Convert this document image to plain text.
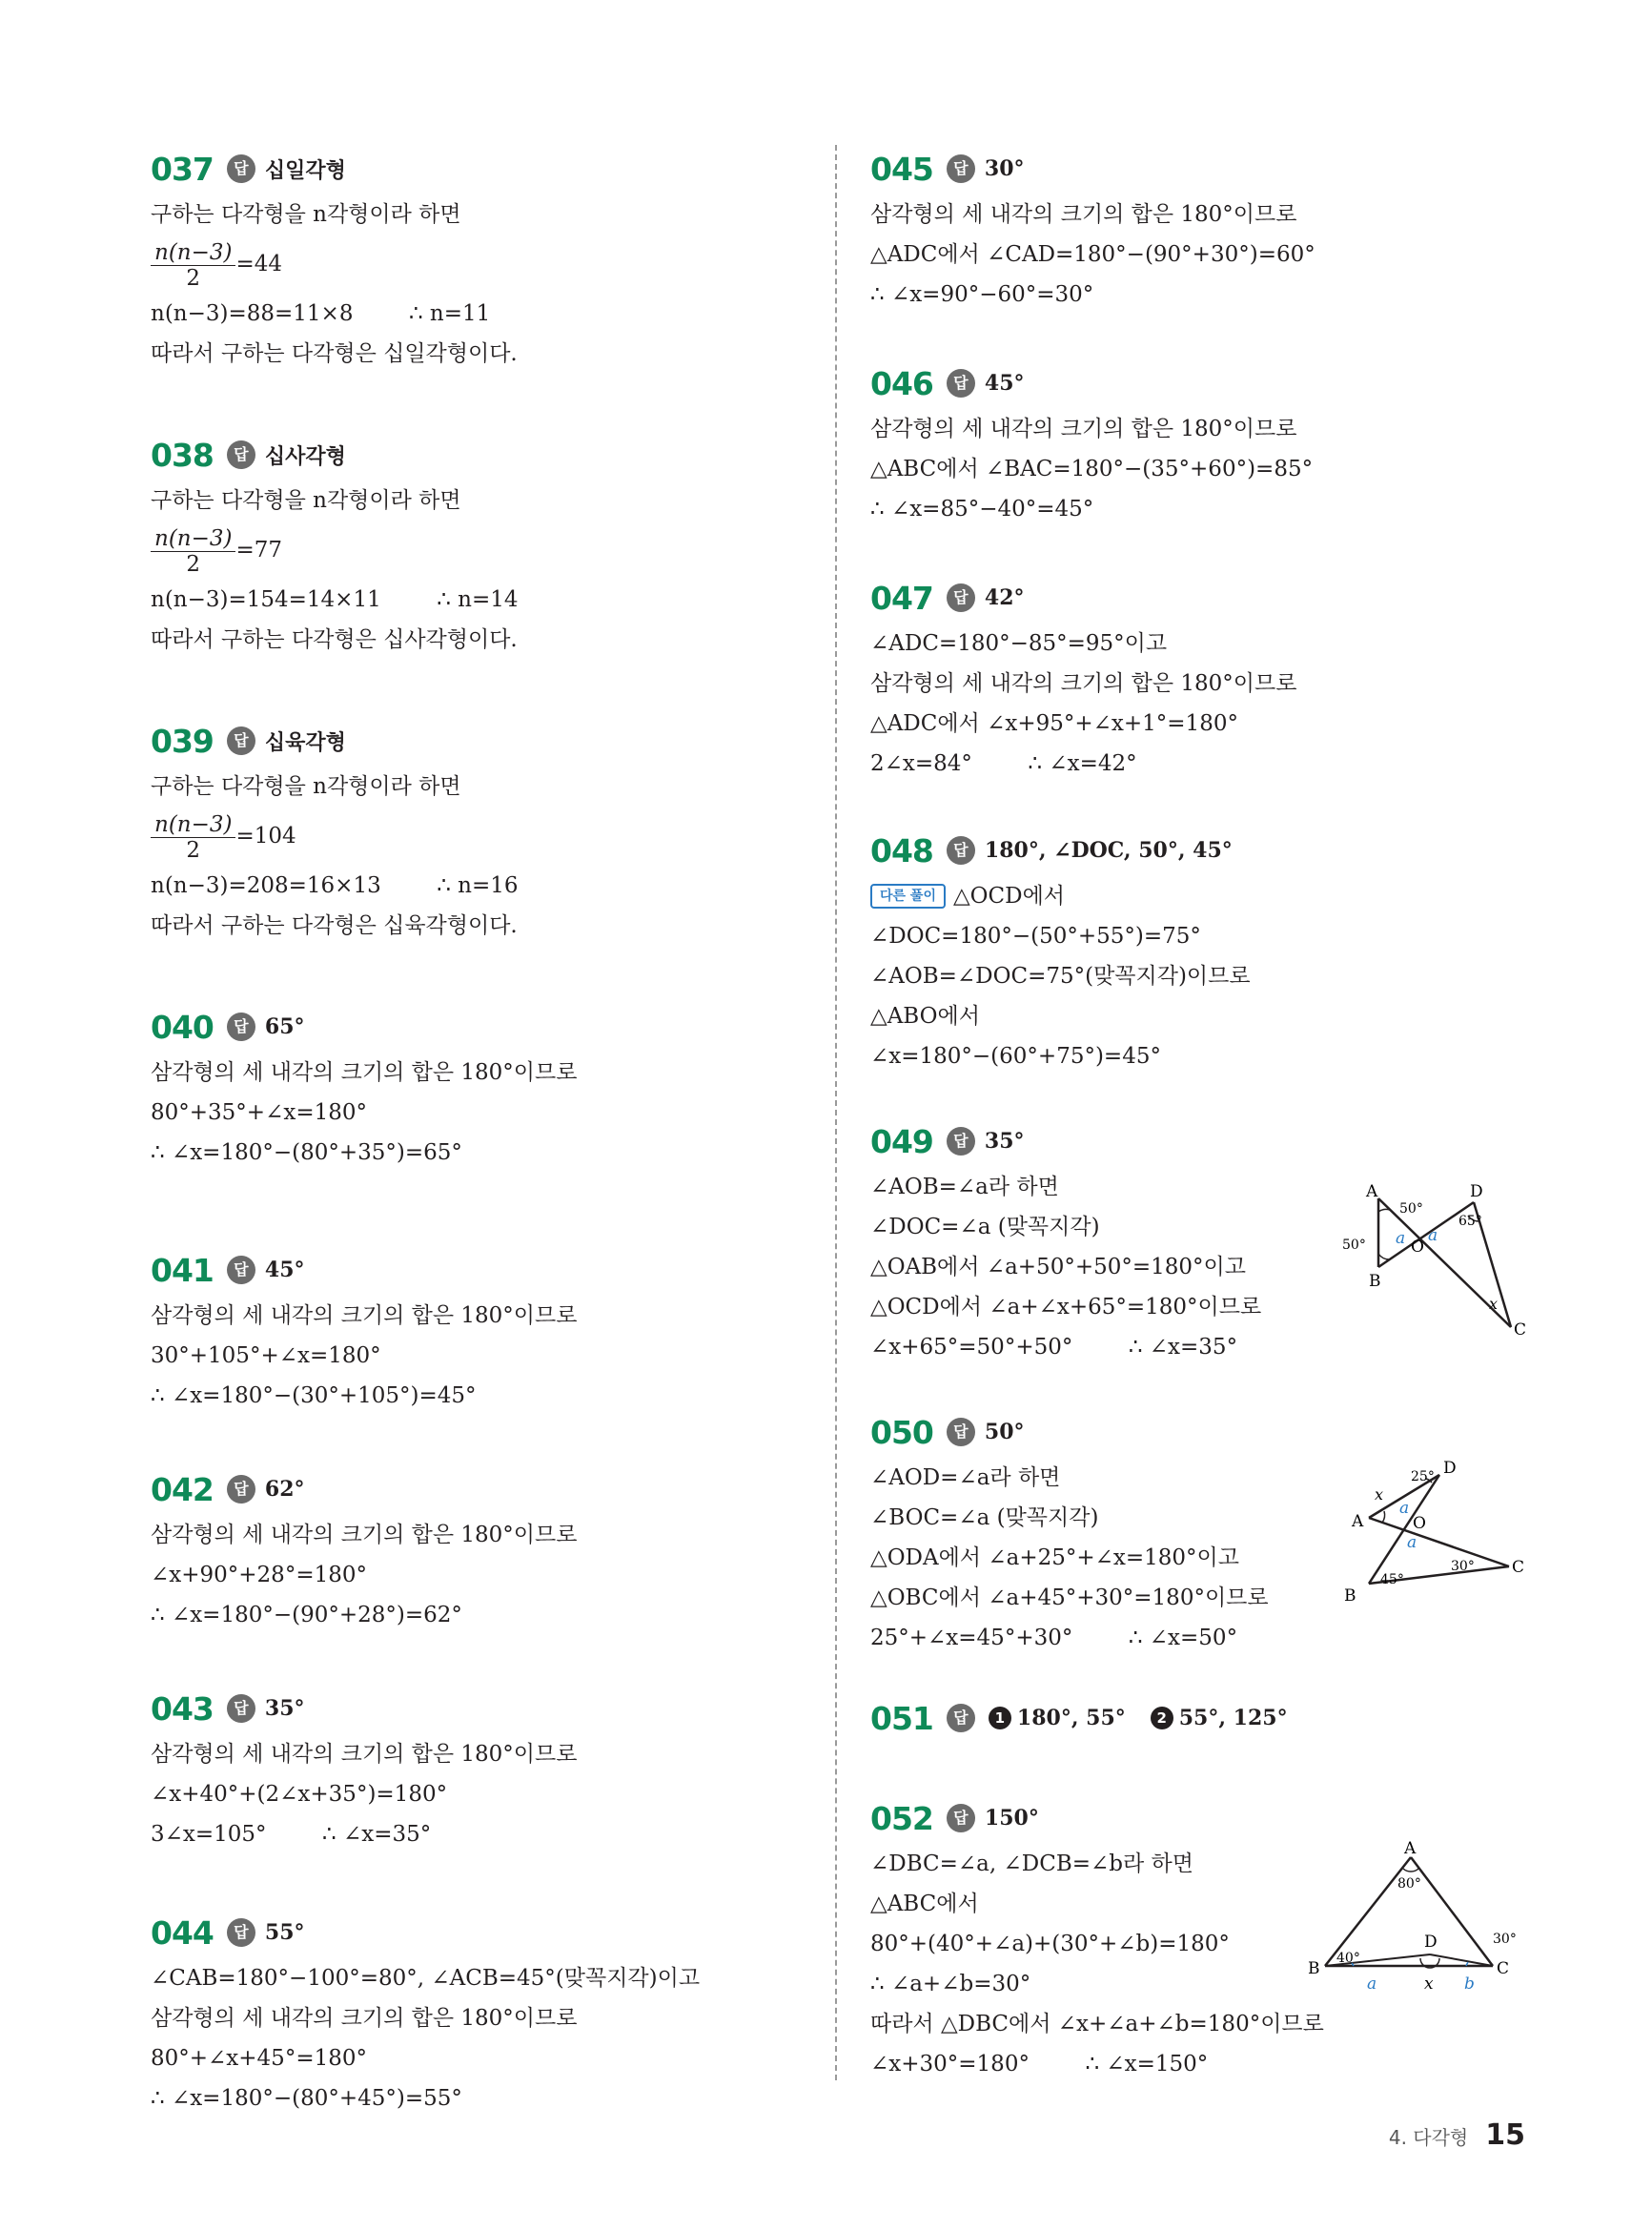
037	답 십일각형
구하는 다각형을 n각형이라 하면
$\frac{n(n-3)}{2} =44$
n(n−3)=88=11×8        ∴ n=11
따라서 구하는 다각형은 십일각형이다.
038	답 십사각형
구하는 다각형을 n각형이라 하면
$\frac{n(n-3)}{2} =77$
n(n−3)=154=14×11        ∴ n=14
따라서 구하는 다각형은 십사각형이다.
039	답 십육각형
구하는 다각형을 n각형이라 하면
$\frac{n(n-3)}{2} =104$
n(n−3)=208=16×13        ∴ n=16
따라서 구하는 다각형은 십육각형이다.
040	답 65°
삼각형의 세 내각의 크기의 합은 180°이므로
80°+35°+∠x=180°
∴ ∠x=180°−(80°+35°)=65°
041	답 45°
삼각형의 세 내각의 크기의 합은 180°이므로
30°+105°+∠x=180°
∴ ∠x=180°−(30°+105°)=45°
042	답 62°
삼각형의 세 내각의 크기의 합은 180°이므로
∠x+90°+28°=180°
∴ ∠x=180°−(90°+28°)=62°
043	답 35°
삼각형의 세 내각의 크기의 합은 180°이므로
∠x+40°+(2∠x+35°)=180°
3∠x=105°        ∴ ∠x=35°
044	답 55°
∠CAB=180°−100°=80°, ∠ACB=45°(맞꼭지각)이고
삼각형의 세 내각의 크기의 합은 180°이므로
80°+∠x+45°=180°
∴ ∠x=180°−(80°+45°)=55°
045	답 30°
삼각형의 세 내각의 크기의 합은 180°이므로
△ADC에서 ∠CAD=180°−(90°+30°)=60°
∴ ∠x=90°−60°=30°
046	답 45°
삼각형의 세 내각의 크기의 합은 180°이므로
△ABC에서 ∠BAC=180°−(35°+60°)=85°
∴ ∠x=85°−40°=45°
047	답 42°
∠ADC=180°−85°=95°이고
삼각형의 세 내각의 크기의 합은 180°이므로
△ADC에서 ∠x+95°+∠x+1°=180°
2∠x=84°        ∴ ∠x=42°
048	답 180°, ∠DOC, 50°, 45°
다른 풀이 △OCD에서
∠DOC=180°−(50°+55°)=75°
∠AOB=∠DOC=75°(맞꼭지각)이므로
△ABO에서
∠x=180°−(60°+75°)=45°
049	답 35°
∠AOB=∠a라 하면
∠DOC=∠a (맞꼭지각)
△OAB에서 ∠a+50°+50°=180°이고
△OCD에서 ∠a+∠x+65°=180°이므로
∠x+65°=50°+50°        ∴ ∠x=35°
050	답 50°
∠AOD=∠a라 하면
∠BOC=∠a (맞꼭지각)
△ODA에서 ∠a+25°+∠x=180°이고
△OBC에서 ∠a+45°+30°=180°이므로
25°+∠x=45°+30°        ∴ ∠x=50°
051	답	1 180°, 55°	2 55°, 125°
052	답 150°
∠DBC=∠a, ∠DCB=∠b라 하면
△ABC에서
80°+(40°+∠a)+(30°+∠b)=180°
∴ ∠a+∠b=30°
따라서 △DBC에서 ∠x+∠a+∠b=180°이므로
∠x+30°=180°        ∴ ∠x=150°
A
B
C
D
O
50°
50°
65°
a a
x
A
B
C
D
O
25°
45°
30°
x
a
a
A
B	C
D
80°
40°
30°
a	x b
4. 다각형 15
